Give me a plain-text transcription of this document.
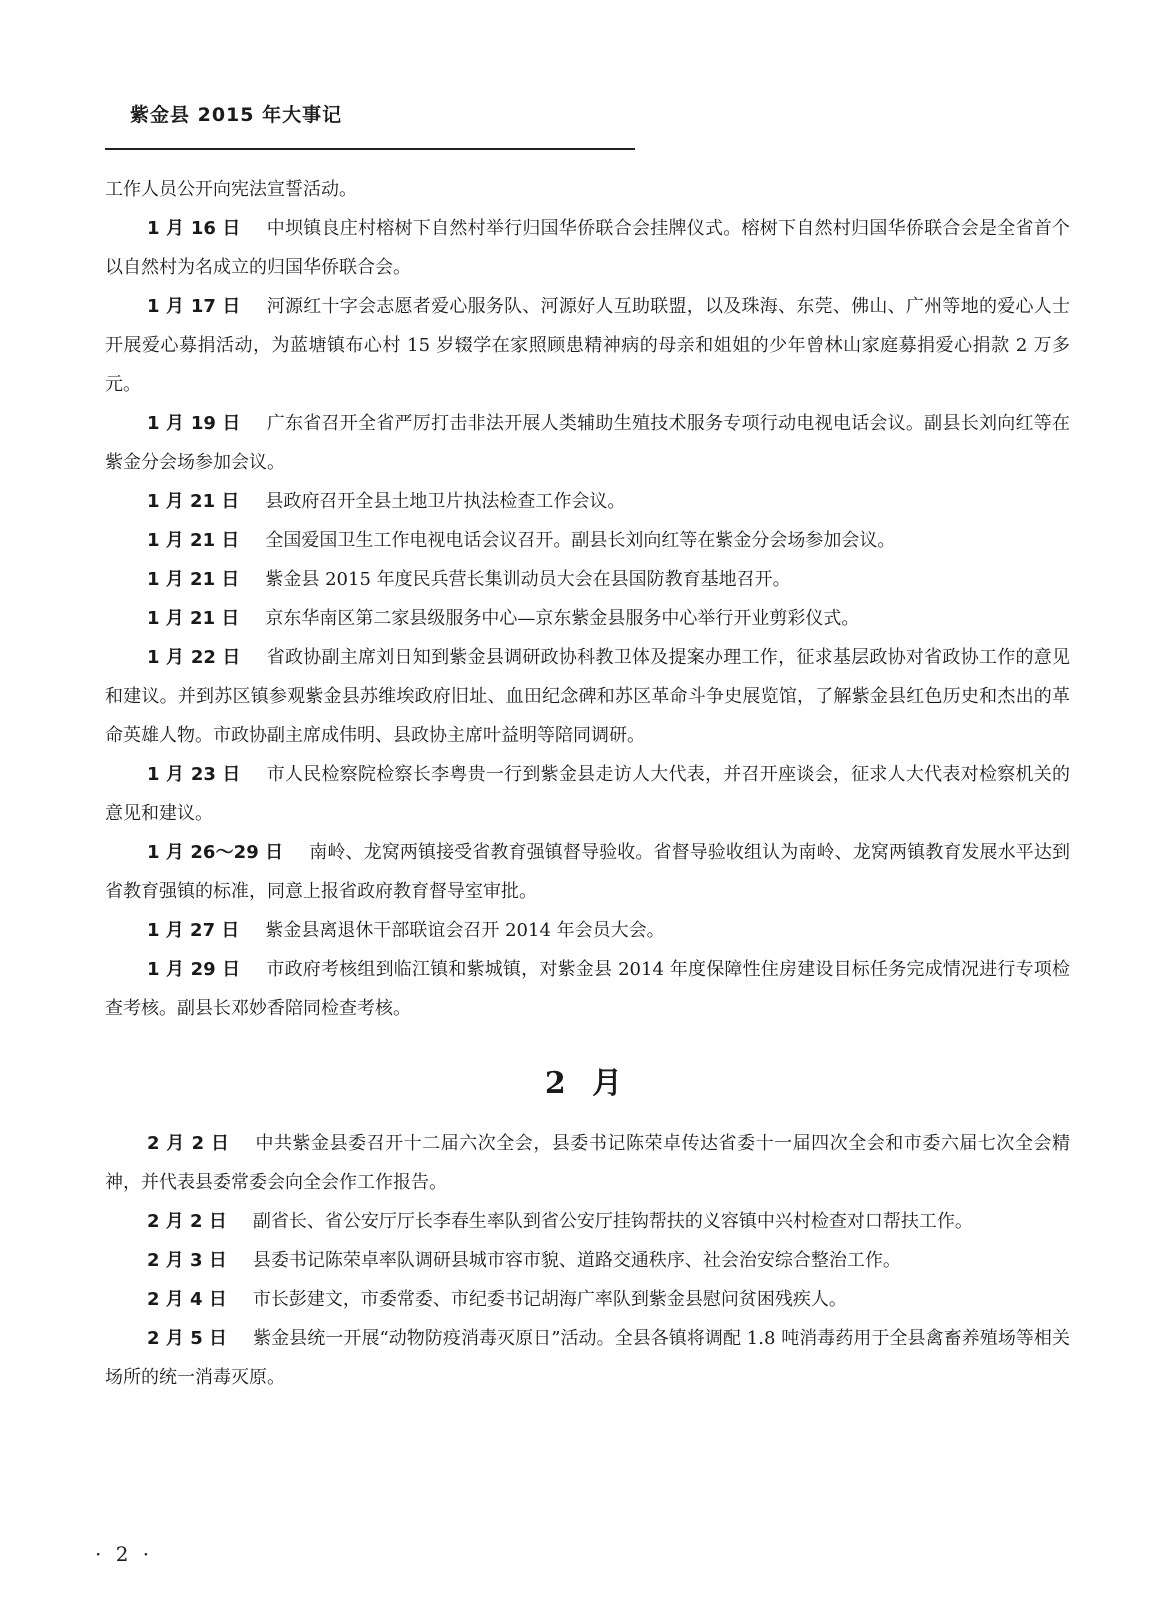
紫金县 2015 年大事记

工作人员公开向宪法宣誓活动。

1 月 16 日 中坝镇良庄村榕树下自然村举行归国华侨联合会挂牌仪式。榕树下自然村归国华侨联合会是全省首个以自然村为名成立的归国华侨联合会。

1 月 17 日 河源红十字会志愿者爱心服务队、河源好人互助联盟，以及珠海、东莞、佛山、广州等地的爱心人士开展爱心募捐活动，为蓝塘镇布心村 15 岁辍学在家照顾患精神病的母亲和姐姐的少年曾林山家庭募捐爱心捐款 2 万多元。

1 月 19 日 广东省召开全省严厉打击非法开展人类辅助生殖技术服务专项行动电视电话会议。副县长刘向红等在紫金分会场参加会议。

1 月 21 日 县政府召开全县土地卫片执法检查工作会议。

1 月 21 日 全国爱国卫生工作电视电话会议召开。副县长刘向红等在紫金分会场参加会议。

1 月 21 日 紫金县 2015 年度民兵营长集训动员大会在县国防教育基地召开。

1 月 21 日 京东华南区第二家县级服务中心—京东紫金县服务中心举行开业剪彩仪式。

1 月 22 日 省政协副主席刘日知到紫金县调研政协科教卫体及提案办理工作，征求基层政协对省政协工作的意见和建议。并到苏区镇参观紫金县苏维埃政府旧址、血田纪念碑和苏区革命斗争史展览馆，了解紫金县红色历史和杰出的革命英雄人物。市政协副主席成伟明、县政协主席叶益明等陪同调研。

1 月 23 日 市人民检察院检察长李粤贵一行到紫金县走访人大代表，并召开座谈会，征求人大代表对检察机关的意见和建议。

1 月 26～29 日 南岭、龙窝两镇接受省教育强镇督导验收。省督导验收组认为南岭、龙窝两镇教育发展水平达到省教育强镇的标准，同意上报省政府教育督导室审批。

1 月 27 日 紫金县离退休干部联谊会召开 2014 年会员大会。

1 月 29 日 市政府考核组到临江镇和紫城镇，对紫金县 2014 年度保障性住房建设目标任务完成情况进行专项检查考核。副县长邓妙香陪同检查考核。

2 月

2 月 2 日 中共紫金县委召开十二届六次全会，县委书记陈荣卓传达省委十一届四次全会和市委六届七次全会精神，并代表县委常委会向全会作工作报告。

2 月 2 日 副省长、省公安厅厅长李春生率队到省公安厅挂钩帮扶的义容镇中兴村检查对口帮扶工作。

2 月 3 日 县委书记陈荣卓率队调研县城市容市貌、道路交通秩序、社会治安综合整治工作。

2 月 4 日 市长彭建文，市委常委、市纪委书记胡海广率队到紫金县慰问贫困残疾人。

2 月 5 日 紫金县统一开展“动物防疫消毒灭原日”活动。全县各镇将调配 1.8 吨消毒药用于全县禽畜养殖场等相关场所的统一消毒灭原。

· 2 ·
